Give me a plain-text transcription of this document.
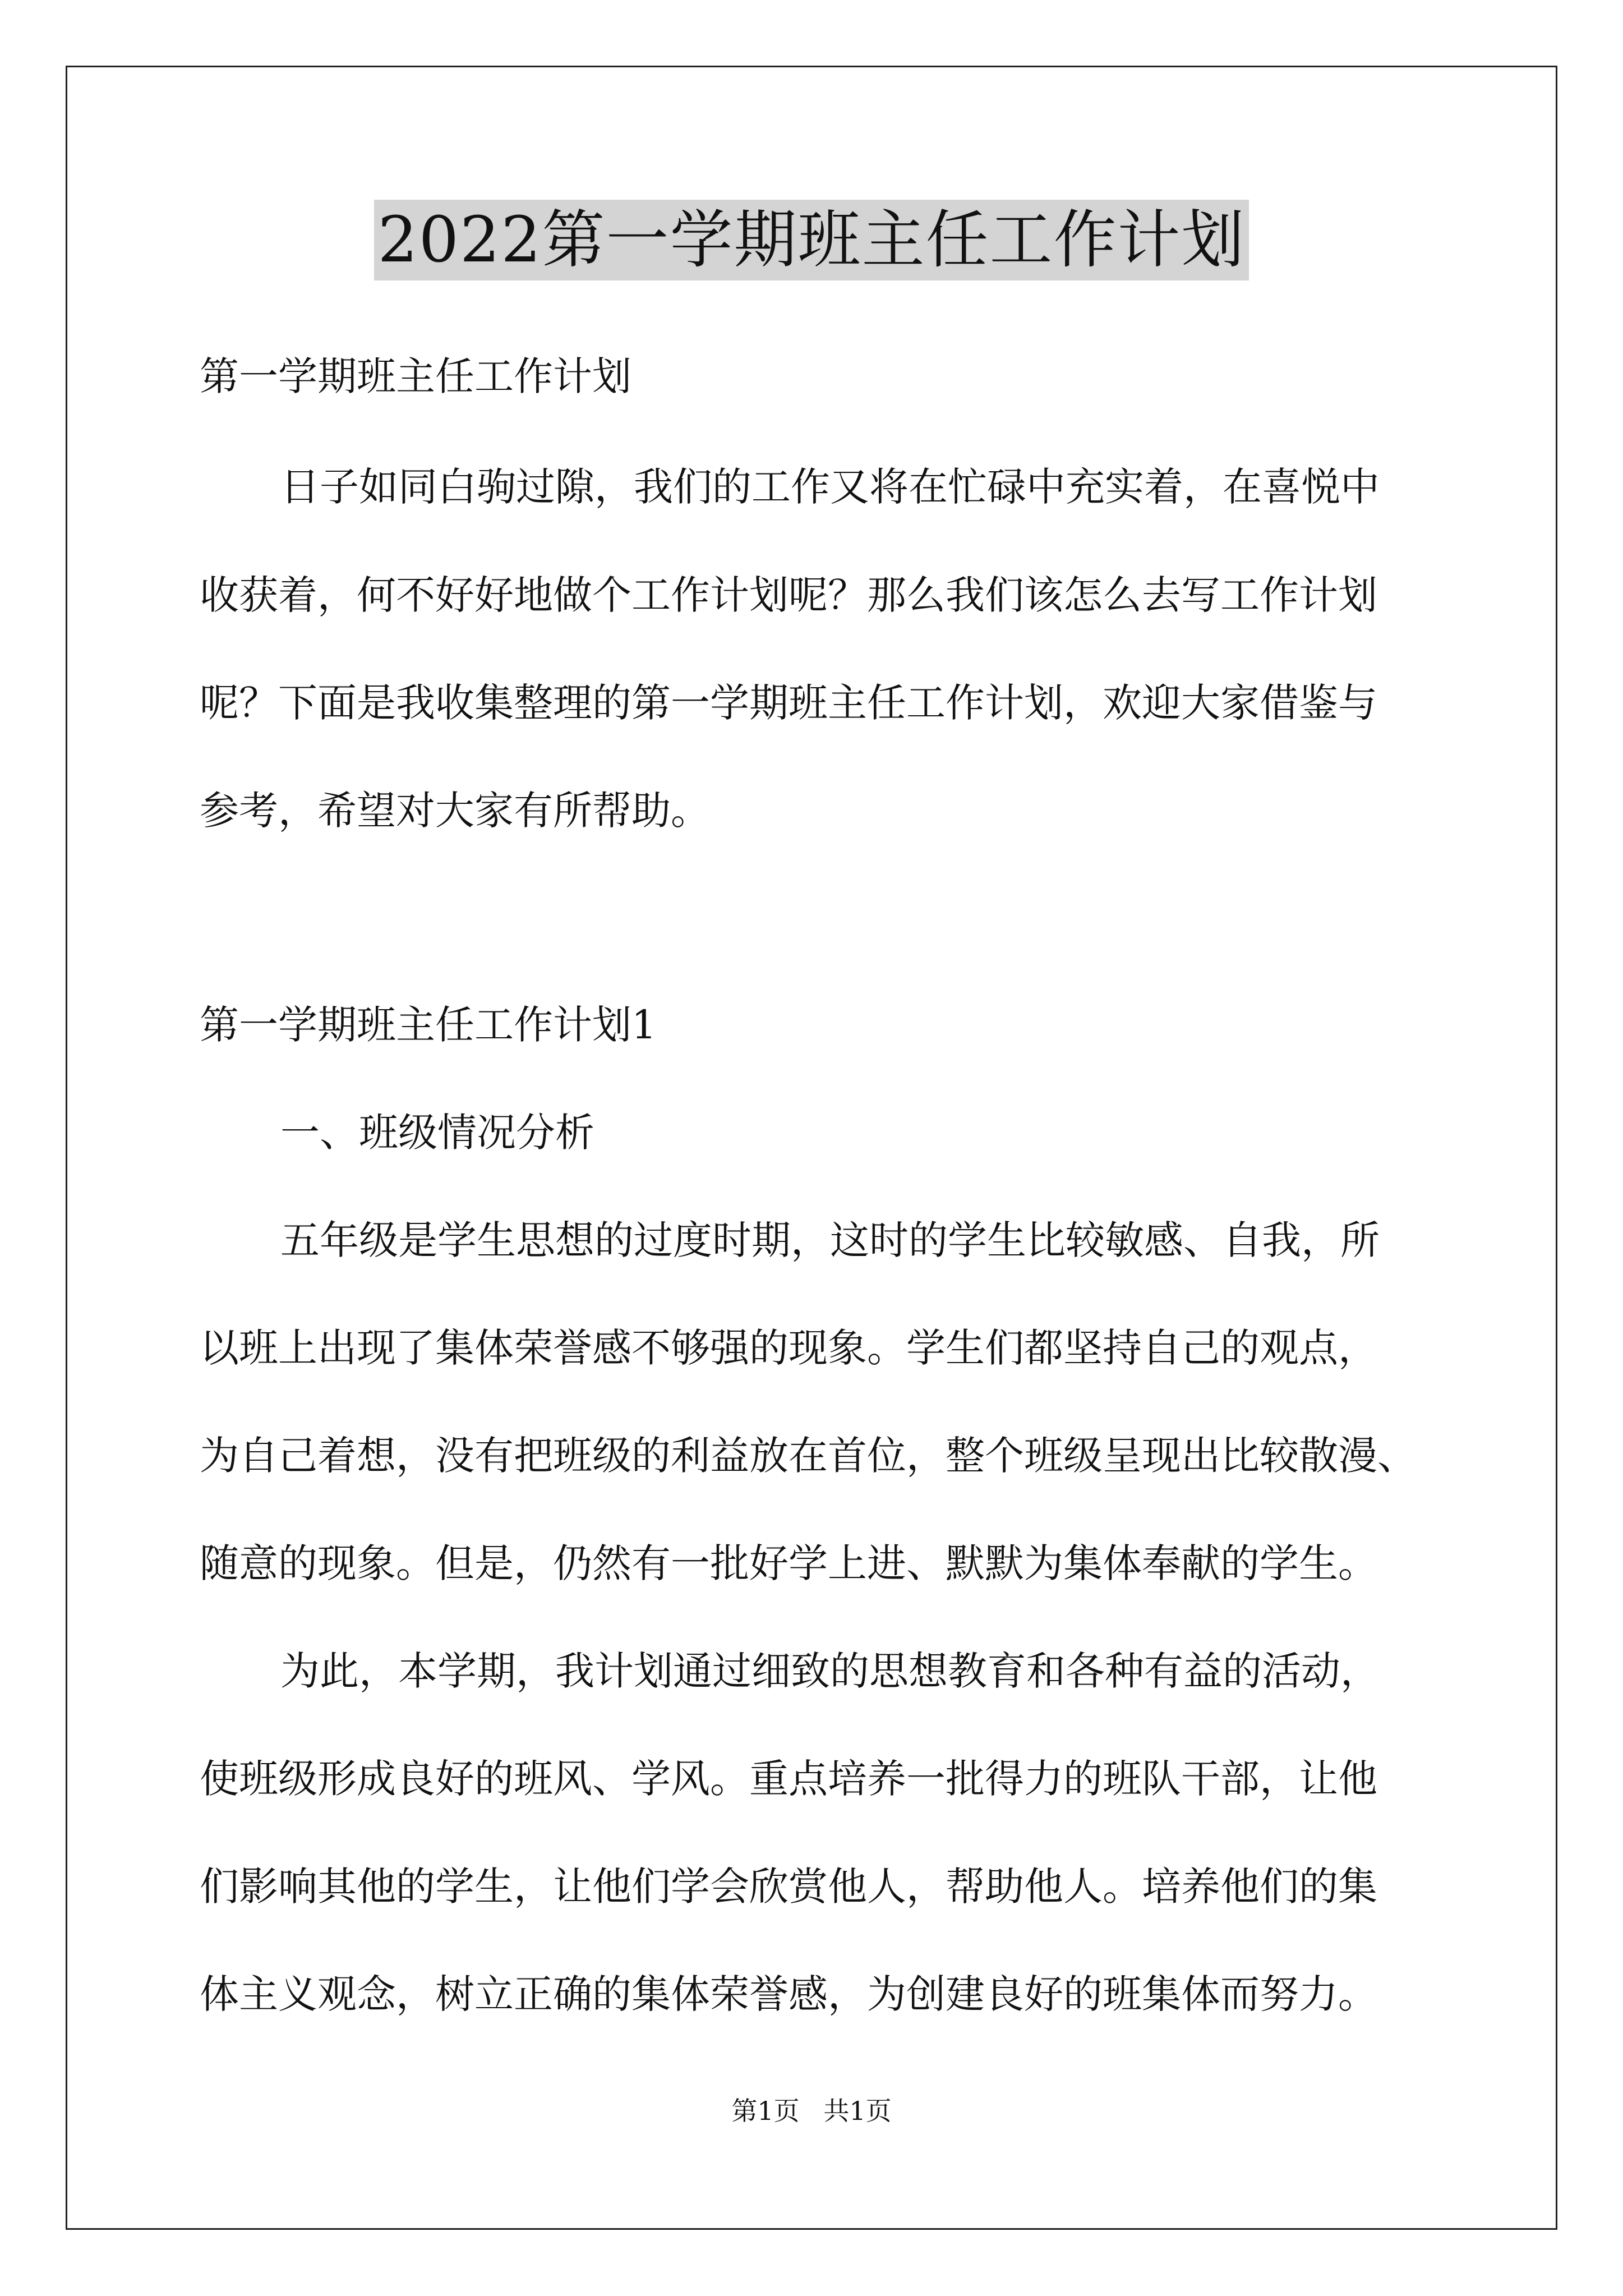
2022第一学期班主任工作计划
第一学期班主任工作计划
日子如同白驹过隙，我们的工作又将在忙碌中充实着，在喜悦中
收获着，何不好好地做个工作计划呢？那么我们该怎么去写工作计划
呢？下面是我收集整理的第一学期班主任工作计划，欢迎大家借鉴与
参考，希望对大家有所帮助。
第一学期班主任工作计划1
一、班级情况分析
五年级是学生思想的过度时期，这时的学生比较敏感、自我，所
以班上出现了集体荣誉感不够强的现象。学生们都坚持自己的观点，
为自己着想，没有把班级的利益放在首位，整个班级呈现出比较散漫、
随意的现象。但是，仍然有一批好学上进、默默为集体奉献的学生。
为此，本学期，我计划通过细致的思想教育和各种有益的活动，
使班级形成良好的班风、学风。重点培养一批得力的班队干部，让他
们影响其他的学生，让他们学会欣赏他人，帮助他人。培养他们的集
体主义观念，树立正确的集体荣誉感，为创建良好的班集体而努力。
第1页 共1页
